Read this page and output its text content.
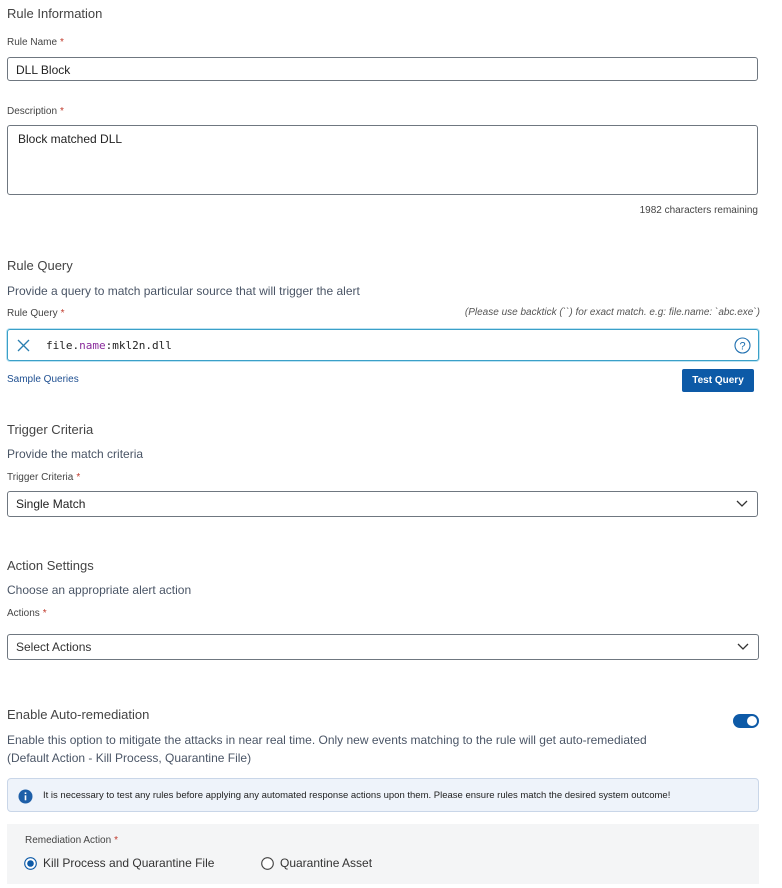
Rule Information
Rule Name *
DLL Block
Description *
Block matched DLL
1982 characters remaining
Rule Query
Provide a query to match particular source that will trigger the alert
Rule Query *	(Please use backtick (``) for exact match. e.g: file.name: `abc.exe`)
file.name:mkl2n.dll	?
Sample Queries	Test Query
Trigger Criteria
Provide the match criteria
Trigger Criteria *
Single Match
Action Settings
Choose an appropriate alert action
Actions *
Select Actions
Enable Auto-remediation
Enable this option to mitigate the attacks in near real time. Only new events matching to the rule will get auto-remediated
(Default Action - Kill Process, Quarantine File)
It is necessary to test any rules before applying any automated response actions upon them. Please ensure rules match the desired system outcome!
Remediation Action *
Kill Process and Quarantine File	Quarantine Asset
